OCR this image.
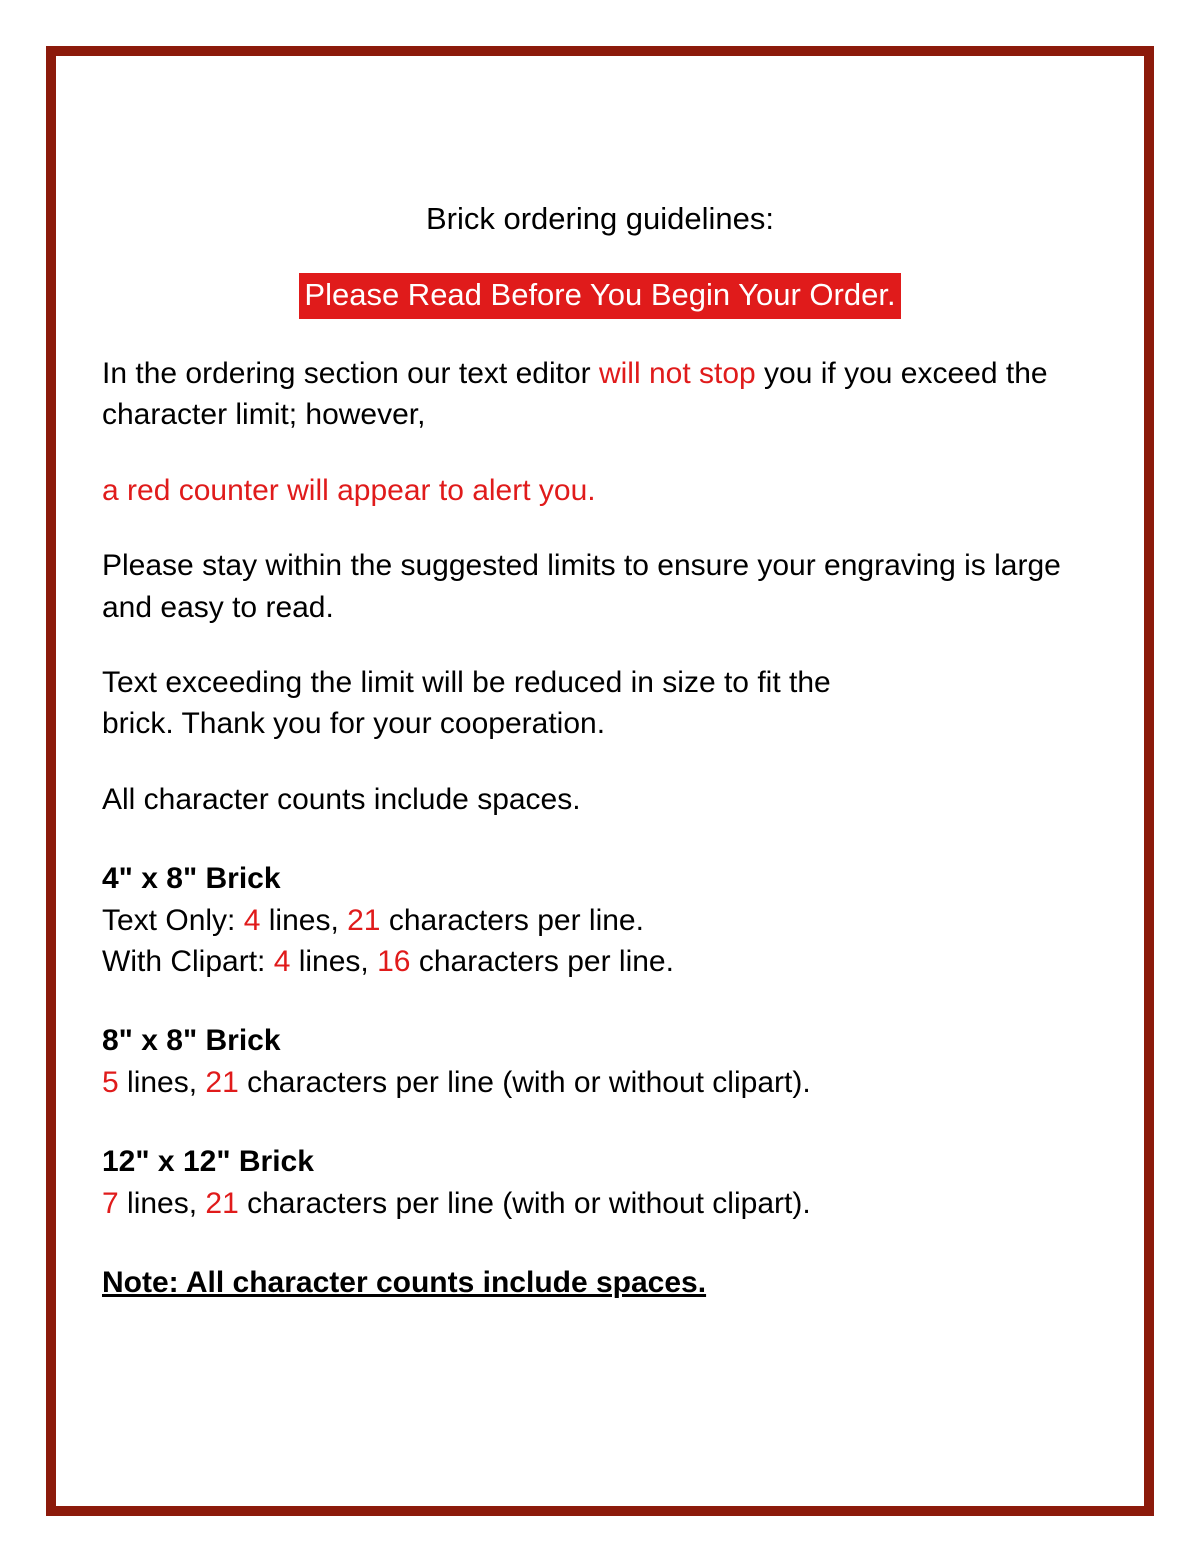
Brick ordering guidelines:
Please Read Before You Begin Your Order.
In the ordering section our text editor will not stop you if you exceed the character limit; however,
a red counter will appear to alert you.
Please stay within the suggested limits to ensure your engraving is large and easy to read.
Text exceeding the limit will be reduced in size to fit the
brick. Thank you for your cooperation.
All character counts include spaces.
4" x 8" Brick
Text Only: 4 lines, 21 characters per line.
With Clipart: 4 lines, 16 characters per line.
8" x 8" Brick
5 lines, 21 characters per line (with or without clipart).
12" x 12" Brick
7 lines, 21 characters per line (with or without clipart).
Note: All character counts include spaces.
